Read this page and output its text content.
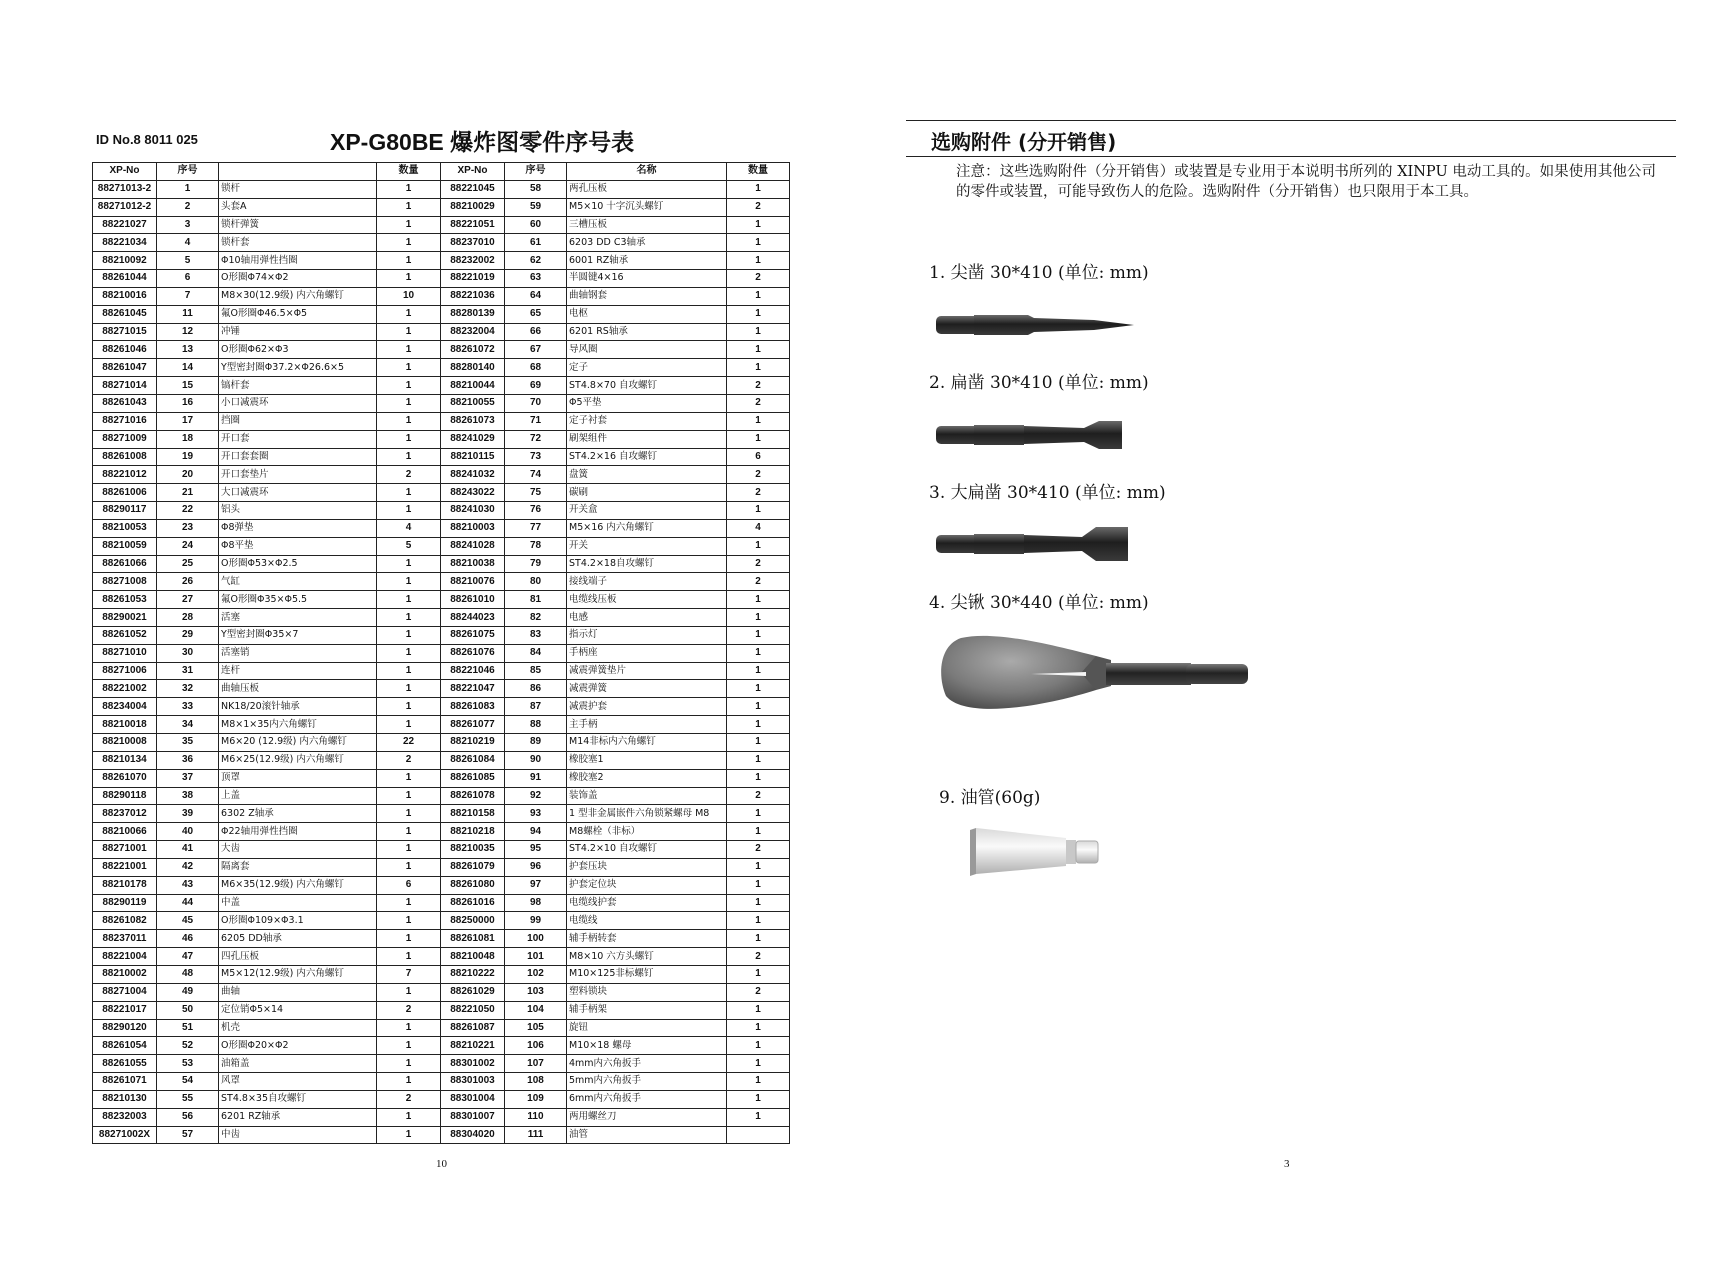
ID No.8 8011 025	XP-G80BE 爆炸图零件序号表
XP-No	序号		数量	XP-No	序号	名称	数量
88271013-2	1	锁杆	1	88221045	58	两孔压板	1
88271012-2	2	头套A	1	88210029	59	M5×10 十字沉头螺钉	2
88221027	3	锁杆弹簧	1	88221051	60	三槽压板	1
88221034	4	锁杆套	1	88237010	61	6203 DD C3轴承	1
88210092	5	Φ10轴用弹性挡圈	1	88232002	62	6001 RZ轴承	1
88261044	6	O形圈Φ74×Φ2	1	88221019	63	半圆键4×16	2
88210016	7	M8×30(12.9级) 内六角螺钉	10	88221036	64	曲轴钢套	1
88261045	11	氟O形圈Φ46.5×Φ5	1	88280139	65	电枢	1
88271015	12	冲锤	1	88232004	66	6201 RS轴承	1
88261046	13	O形圈Φ62×Φ3	1	88261072	67	导风圈	1
88261047	14	Y型密封圈Φ37.2×Φ26.6×5	1	88280140	68	定子	1
88271014	15	镐杆套	1	88210044	69	ST4.8×70 自攻螺钉	2
88261043	16	小口减震环	1	88210055	70	Φ5平垫	2
88271016	17	挡圈	1	88261073	71	定子衬套	1
88271009	18	开口套	1	88241029	72	刷架组件	1
88261008	19	开口套套圈	1	88210115	73	ST4.2×16 自攻螺钉	6
88221012	20	开口套垫片	2	88241032	74	盘簧	2
88261006	21	大口减震环	1	88243022	75	碳刷	2
88290117	22	铝头	1	88241030	76	开关盒	1
88210053	23	Φ8弹垫	4	88210003	77	M5×16 内六角螺钉	4
88210059	24	Φ8平垫	5	88241028	78	开关	1
88261066	25	O形圈Φ53×Φ2.5	1	88210038	79	ST4.2×18自攻螺钉	2
88271008	26	气缸	1	88210076	80	接线端子	2
88261053	27	氟O形圈Φ35×Φ5.5	1	88261010	81	电缆线压板	1
88290021	28	活塞	1	88244023	82	电感	1
88261052	29	Y型密封圈Φ35×7	1	88261075	83	指示灯	1
88271010	30	活塞销	1	88261076	84	手柄座	1
88271006	31	连杆	1	88221046	85	减震弹簧垫片	1
88221002	32	曲轴压板	1	88221047	86	减震弹簧	1
88234004	33	NK18/20滚针轴承	1	88261083	87	减震护套	1
88210018	34	M8×1×35内六角螺钉	1	88261077	88	主手柄	1
88210008	35	M6×20 (12.9级) 内六角螺钉	22	88210219	89	M14非标内六角螺钉	1
88210134	36	M6×25(12.9级) 内六角螺钉	2	88261084	90	橡胶塞1	1
88261070	37	顶罩	1	88261085	91	橡胶塞2	1
88290118	38	上盖	1	88261078	92	装饰盖	2
88237012	39	6302 Z轴承	1	88210158	93	1 型非金属嵌件六角锁紧螺母 M8	1
88210066	40	Φ22轴用弹性挡圈	1	88210218	94	M8螺栓（非标）	1
88271001	41	大齿	1	88210035	95	ST4.2×10 自攻螺钉	2
88221001	42	隔离套	1	88261079	96	护套压块	1
88210178	43	M6×35(12.9级) 内六角螺钉	6	88261080	97	护套定位块	1
88290119	44	中盖	1	88261016	98	电缆线护套	1
88261082	45	O形圈Φ109×Φ3.1	1	88250000	99	电缆线	1
88237011	46	6205 DD轴承	1	88261081	100	辅手柄转套	1
88221004	47	四孔压板	1	88210048	101	M8×10 六方头螺钉	2
88210002	48	M5×12(12.9级) 内六角螺钉	7	88210222	102	M10×125非标螺钉	1
88271004	49	曲轴	1	88261029	103	塑料锁块	2
88221017	50	定位销Φ5×14	2	88221050	104	辅手柄架	1
88290120	51	机壳	1	88261087	105	旋钮	1
88261054	52	O形圈Φ20×Φ2	1	88210221	106	M10×18 螺母	1
88261055	53	油箱盖	1	88301002	107	4mm内六角扳手	1
88261071	54	风罩	1	88301003	108	5mm内六角扳手	1
88210130	55	ST4.8×35自攻螺钉	2	88301004	109	6mm内六角扳手	1
88232003	56	6201 RZ轴承	1	88301007	110	两用螺丝刀	1
88271002X	57	中齿	1	88304020	111	油管	
10
选购附件 (分开销售)
注意：这些选购附件（分开销售）或装置是专业用于本说明书所列的 XINPU 电动工具的。如果使用其他公司的零件或装置，可能导致伤人的危险。选购附件（分开销售）也只限用于本工具。
1. 尖凿 30*410 (单位: mm)
2. 扁凿 30*410 (单位: mm)
3. 大扁凿 30*410 (单位: mm)
4. 尖锹 30*440 (单位: mm)
9. 油管(60g)
3
